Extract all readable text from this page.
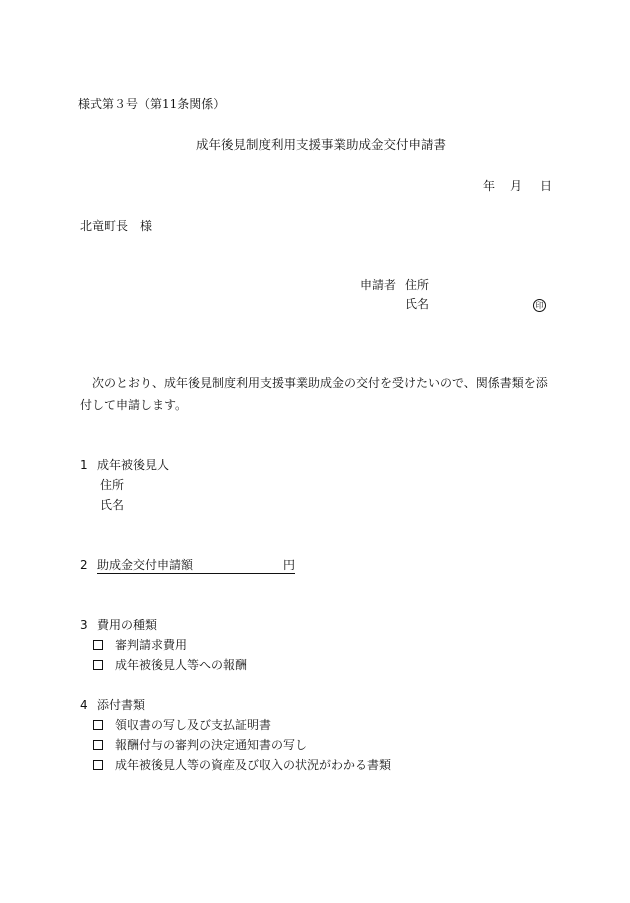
様式第３号（第11条関係）
成年後見制度利用支援事業助成金交付申請書
年 月 日
北竜町長　様
申請者 住所
氏名	印
次のとおり、成年後見制度利用支援事業助成金の交付を受けたいので、関係書類を添付して申請します。
1 成年被後見人
住所
氏名
2 助成金交付申請額	円
3 費用の種類
審判請求費用
成年被後見人等への報酬
4 添付書類
領収書の写し及び支払証明書
報酬付与の審判の決定通知書の写し
成年被後見人等の資産及び収入の状況がわかる書類
